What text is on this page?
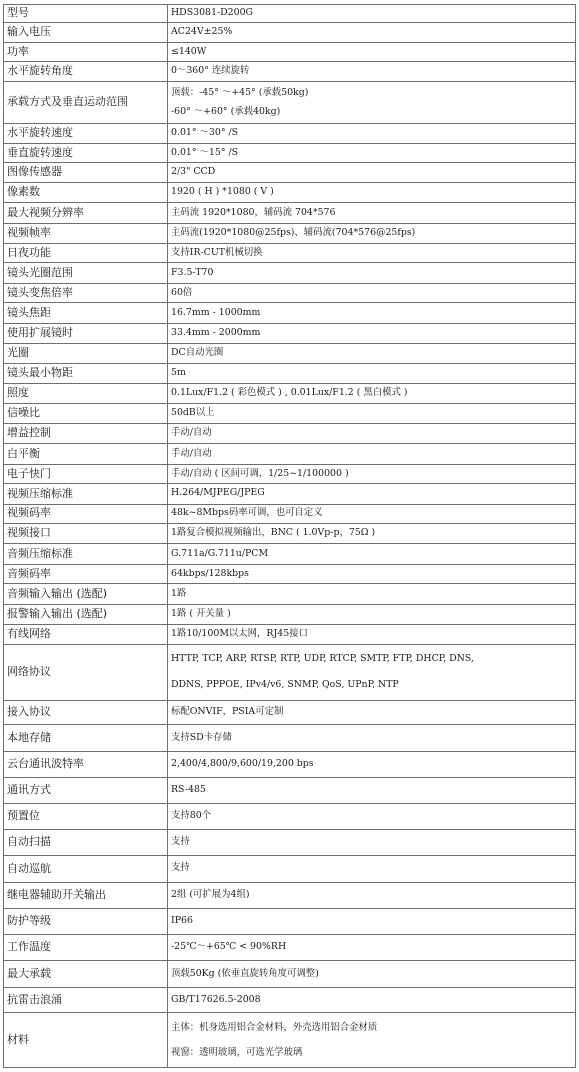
型号	HDS3081-D200G

输入电压	AC24V±25%

功率	≤140W

水平旋转角度	0～360° 连续旋转

承载方式及垂直运动范围	顶载：-45° ～+45° (承载50kg)
-60° ～+60° (承载40kg)

水平旋转速度	0.01° ～30° /S

垂直旋转速度	0.01° ～15° /S

图像传感器	2/3" CCD

像素数	1920 ( H ) *1080 ( V )

最大视频分辨率	主码流 1920*1080，辅码流 704*576

视频帧率	主码流(1920*1080@25fps)、辅码流(704*576@25fps)

日夜功能	支持IR-CUT机械切换

镜头光圈范围	F3.5-T70

镜头变焦倍率	60倍

镜头焦距	16.7mm - 1000mm

使用扩展镜时	33.4mm - 2000mm

光圈	DC自动光圈

镜头最小物距	5m

照度	0.1Lux/F1.2 ( 彩色模式 ) , 0.01Lux/F1.2 ( 黑白模式 )

信噪比	50dB以上

增益控制	手动/自动

白平衡	手动/自动

电子快门	手动/自动 ( 区间可调，1/25~1/100000 )

视频压缩标准	H.264/MJPEG/JPEG

视频码率	48k~8Mbps码率可调，也可自定义

视频接口	1路复合模拟视频输出，BNC ( 1.0Vp-p，75Ω )

音频压缩标准	G.711a/G.711u/PCM

音频码率	64kbps/128kbps

音频输入输出 (选配)	1路

报警输入输出 (选配)	1路 ( 开关量 )

有线网络	1路10/100M以太网，RJ45接口

网络协议	HTTP, TCP, ARP, RTSP, RTP, UDP, RTCP, SMTP, FTP, DHCP, DNS,
DDNS, PPPOE, IPv4/v6, SNMP, QoS, UPnP, NTP

接入协议	标配ONVIF，PSIA可定制

本地存储	支持SD卡存储

云台通讯波特率	2,400/4,800/9,600/19,200 bps

通讯方式	RS-485

预置位	支持80个

自动扫描	支持

自动巡航	支持

继电器辅助开关输出	2组 (可扩展为4组)

防护等级	IP66

工作温度	-25℃～+65℃ < 90%RH

最大承载	顶载50Kg (依垂直旋转角度可调整)

抗雷击浪涌	GB/T17626.5-2008

材料	主体：机身选用铝合金材料，外壳选用铝合金材质
视窗：透明玻璃，可选光学玻璃
